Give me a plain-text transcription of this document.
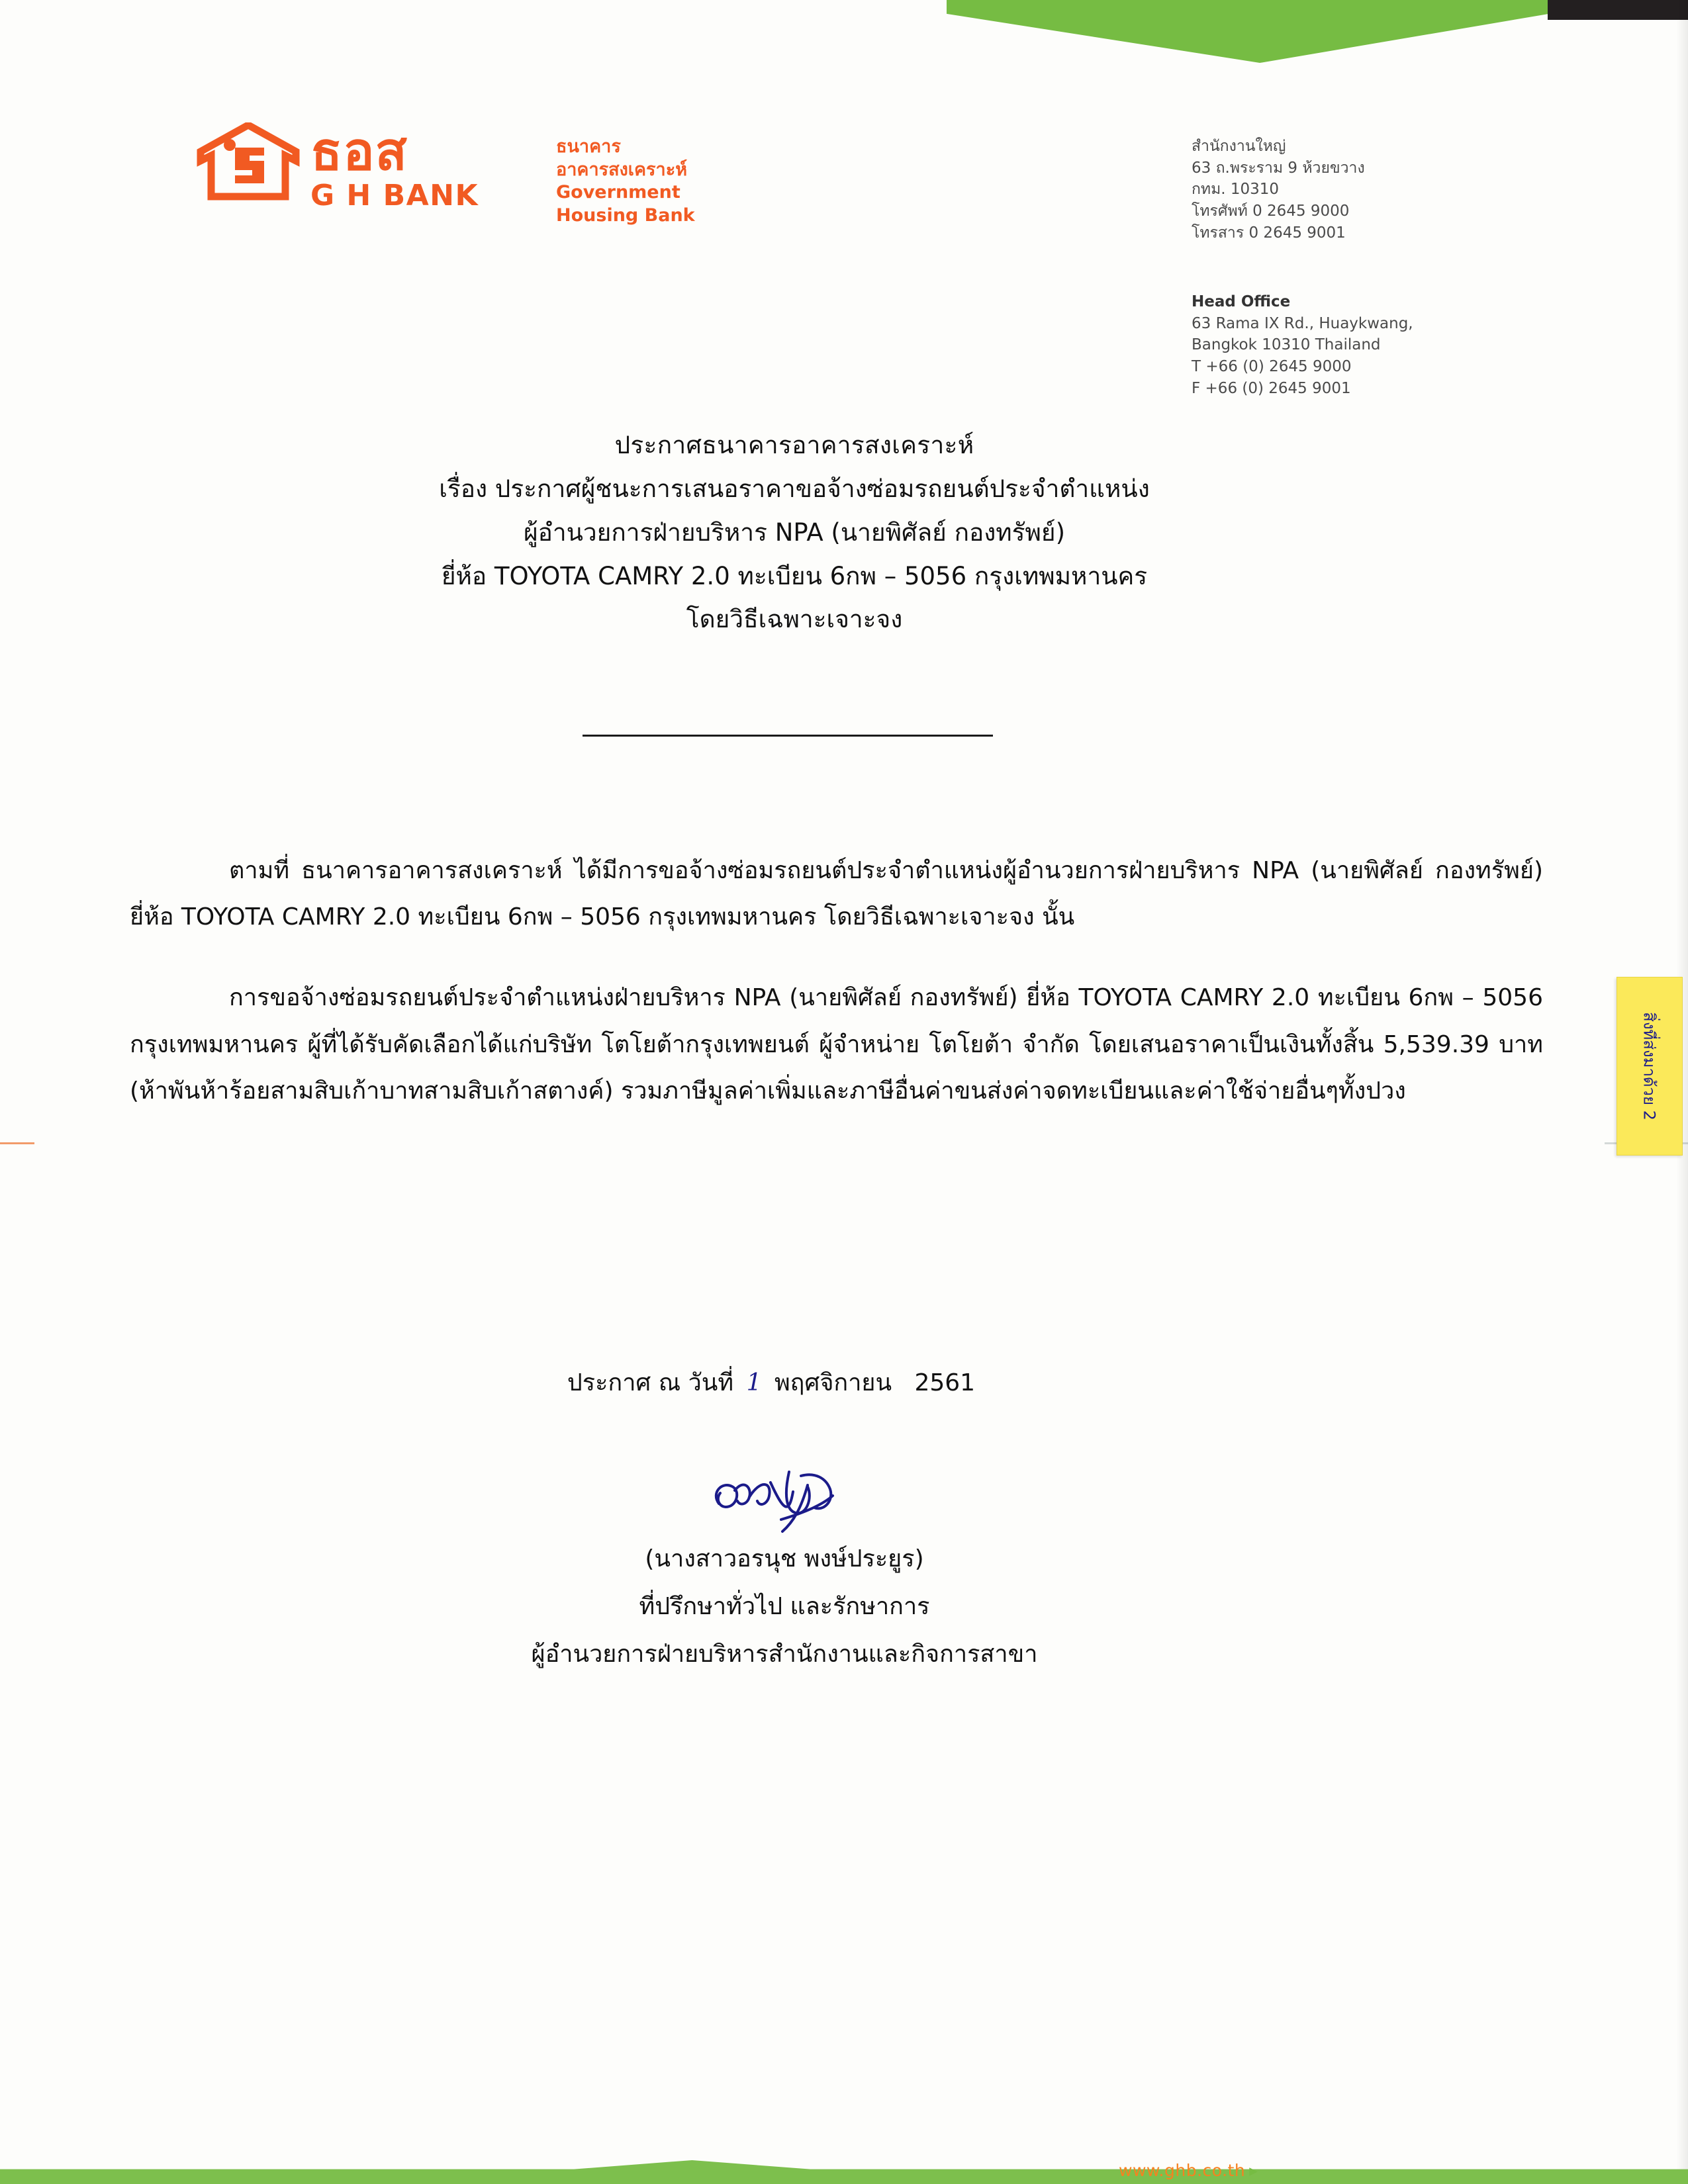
สิ่งที่ส่งมาด้วย 2
ธอส
G H BANK
ธนาคาร
อาคารสงเคราะห์
Government
Housing Bank
สำนักงานใหญ่
63 ถ.พระราม 9 ห้วยขวาง
กทม. 10310
โทรศัพท์ 0 2645 9000
โทรสาร 0 2645 9001
Head Office
63 Rama IX Rd., Huaykwang,
Bangkok 10310 Thailand
T +66 (0) 2645 9000
F +66 (0) 2645 9001
ประกาศธนาคารอาคารสงเคราะห์
เรื่อง ประกาศผู้ชนะการเสนอราคาขอจ้างซ่อมรถยนต์ประจำตำแหน่ง
ผู้อำนวยการฝ่ายบริหาร NPA (นายพิศัลย์ กองทรัพย์)
ยี่ห้อ TOYOTA CAMRY 2.0 ทะเบียน 6กพ – 5056 กรุงเทพมหานคร
โดยวิธีเฉพาะเจาะจง

ตามที่ ธนาคารอาคารสงเคราะห์ ได้มีการขอจ้างซ่อมรถยนต์ประจำตำแหน่งผู้อำนวยการฝ่ายบริหาร NPA (นายพิศัลย์ กองทรัพย์) ยี่ห้อ TOYOTA CAMRY 2.0 ทะเบียน 6กพ – 5056 กรุงเทพมหานคร โดยวิธีเฉพาะเจาะจง นั้น

การขอจ้างซ่อมรถยนต์ประจำตำแหน่งฝ่ายบริหาร NPA (นายพิศัลย์ กองทรัพย์) ยี่ห้อ TOYOTA CAMRY 2.0 ทะเบียน 6กพ – 5056 กรุงเทพมหานคร ผู้ที่ได้รับคัดเลือกได้แก่บริษัท โตโยต้ากรุงเทพยนต์ ผู้จำหน่าย โตโยต้า จำกัด โดยเสนอราคาเป็นเงินทั้งสิ้น 5,539.39 บาท (ห้าพันห้าร้อยสามสิบเก้าบาทสามสิบเก้าสตางค์) รวมภาษีมูลค่าเพิ่มและภาษีอื่นค่าขนส่งค่าจดทะเบียนและค่าใช้จ่ายอื่นๆทั้งปวง

ประกาศ ณ วันที่ 1 พฤศจิกายน 2561
(นางสาวอรนุช พงษ์ประยูร)
ที่ปรึกษาทั่วไป และรักษาการ
ผู้อำนวยการฝ่ายบริหารสำนักงานและกิจการสาขา
www.ghb.co.th ▸
